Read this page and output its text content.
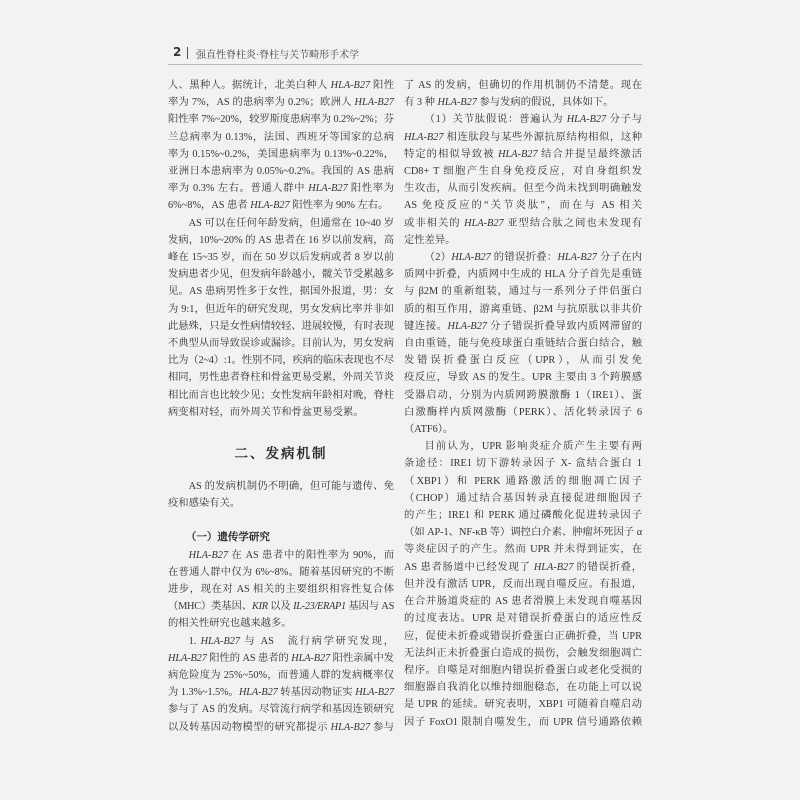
2 强直性脊柱炎·脊柱与关节畸形手术学
人、黑种人。据统计，北美白种人 HLA-B27 阳性
率为 7%，AS 的患病率为 0.2%；欧洲人 HLA-B27
阳性率 7%~20%，较罗斯度患病率为 0.2%~2%；芬
兰总病率为 0.13%，法国、西班牙等国家的总病
率为 0.15%~0.2%，美国患病率为 0.13%~0.22%，
亚洲日本患病率为 0.05%~0.2%。我国的 AS 患病
率为 0.3% 左右。普通人群中 HLA-B27 阳性率为
6%~8%，AS 患者 HLA-B27 阳性率为 90% 左右。
AS 可以在任何年龄发病，但通常在 10~40 岁
发病，10%~20% 的 AS 患者在 16 岁以前发病，高
峰在 15~35 岁，而在 50 岁以后发病或者 8 岁以前
发病患者少见，但发病年龄越小，髋关节受累越多
见。AS 患病男性多于女性，据国外报道，男：女
为 9:1，但近年的研究发现，男女发病比率并非如
此悬殊，只是女性病情较轻、进展较慢，有时表现
不典型从而导致误诊或漏诊。目前认为，男女发病
比为（2~4）:1。性别不同，疾病的临床表现也不尽
相同，男性患者脊柱和骨盆更易受累，外周关节炎
相比而言也比较少见；女性发病年龄相对晚，脊柱
病变相对轻，而外周关节和骨盆更易受累。
二、发病机制
AS 的发病机制仍不明确，但可能与遗传、免
疫和感染有关。
（一）遗传学研究
HLA-B27 在 AS 患者中的阳性率为 90%，而
在普通人群中仅为 6%~8%。随着基因研究的不断
进步，现在对 AS 相关的主要组织相容性复合体
（MHC）类基因、KIR 以及 IL-23/ERAP1 基因与 AS
的相关性研究也越来越多。
1. HLA-B27 与 AS　流行病学研究发现，
HLA-B27 阳性的 AS 患者的 HLA-B27 阳性亲属中发
病危险度为 25%~50%，而普通人群的发病概率仅
为 1.3%~1.5%。HLA-B27 转基因动物证实 HLA-B27
参与了 AS 的发病。尽管流行病学和基因连锁研究
以及转基因动物模型的研究都提示 HLA-B27 参与
了 AS 的发病，但确切的作用机制仍不清楚。现在
有 3 种 HLA-B27 参与发病的假说，具体如下。
（1）关节肽假说：普遍认为 HLA-B27 分子与
HLA-B27 相连肽段与某些外源抗原结构相似，这种
特定的相似导致被 HLA-B27 结合并提呈最终激活
CD8+ T 细胞产生自身免疫反应，对自身组织发
生攻击，从而引发疾病。但至今尚未找到明确触发
AS 免疫反应的“关节炎肽”，而在与 AS 相关
或非相关的 HLA-B27 亚型结合肽之间也未发现有
定性差异。
（2）HLA-B27 的错误折叠：HLA-B27 分子在内
质网中折叠，内质网中生成的 HLA 分子首先是重链
与 β2M 的重新组装，通过与一系列分子伴侣蛋白
质的相互作用，游离重链、β2M 与抗原肽以非共价
键连接。HLA-B27 分子错误折叠导致内质网滞留的
自由重链，能与免疫球蛋白重链结合蛋白结合，触
发错误折叠蛋白反应（UPR），从而引发免
疫反应，导致 AS 的发生。UPR 主要由 3 个跨膜感
受器启动，分别为内质网跨膜激酶 1（IRE1）、蛋
白激酶样内质网激酶（PERK）、活化转录因子 6
（ATF6）。
目前认为，UPR 影响炎症介质产生主要有两
条途径：IRE1 切下游转录因子 X- 盒结合蛋白 1
（XBP1）和 PERK 通路激活的细胞凋亡因子
（CHOP）通过结合基因转录直接促进细胞因子
的产生；IRE1 和 PERK 通过磷酸化促进转录因子
（如 AP-1、NF-κB 等）调控白介素、肿瘤坏死因子 α
等炎症因子的产生。然而 UPR 并未得到证实，在
AS 患者肠道中已经发现了 HLA-B27 的错误折叠，
但并没有激活 UPR，反而出现自噬反应。有报道，
在合并肠道炎症的 AS 患者滑膜上未发现自噬基因
的过度表达。UPR 是对错误折叠蛋白的适应性反
应，促使未折叠或错误折叠蛋白正确折叠，当 UPR
无法纠正未折叠蛋白造成的损伤，会触发细胞凋亡
程序。自噬是对细胞内错误折叠蛋白或老化受损的
细胞器自我消化以维持细胞稳态，在功能上可以说
是 UPR 的延续。研究表明，XBP1 可随着自噬启动
因子 FoxO1 限制自噬发生，而 UPR 信号通路依赖
